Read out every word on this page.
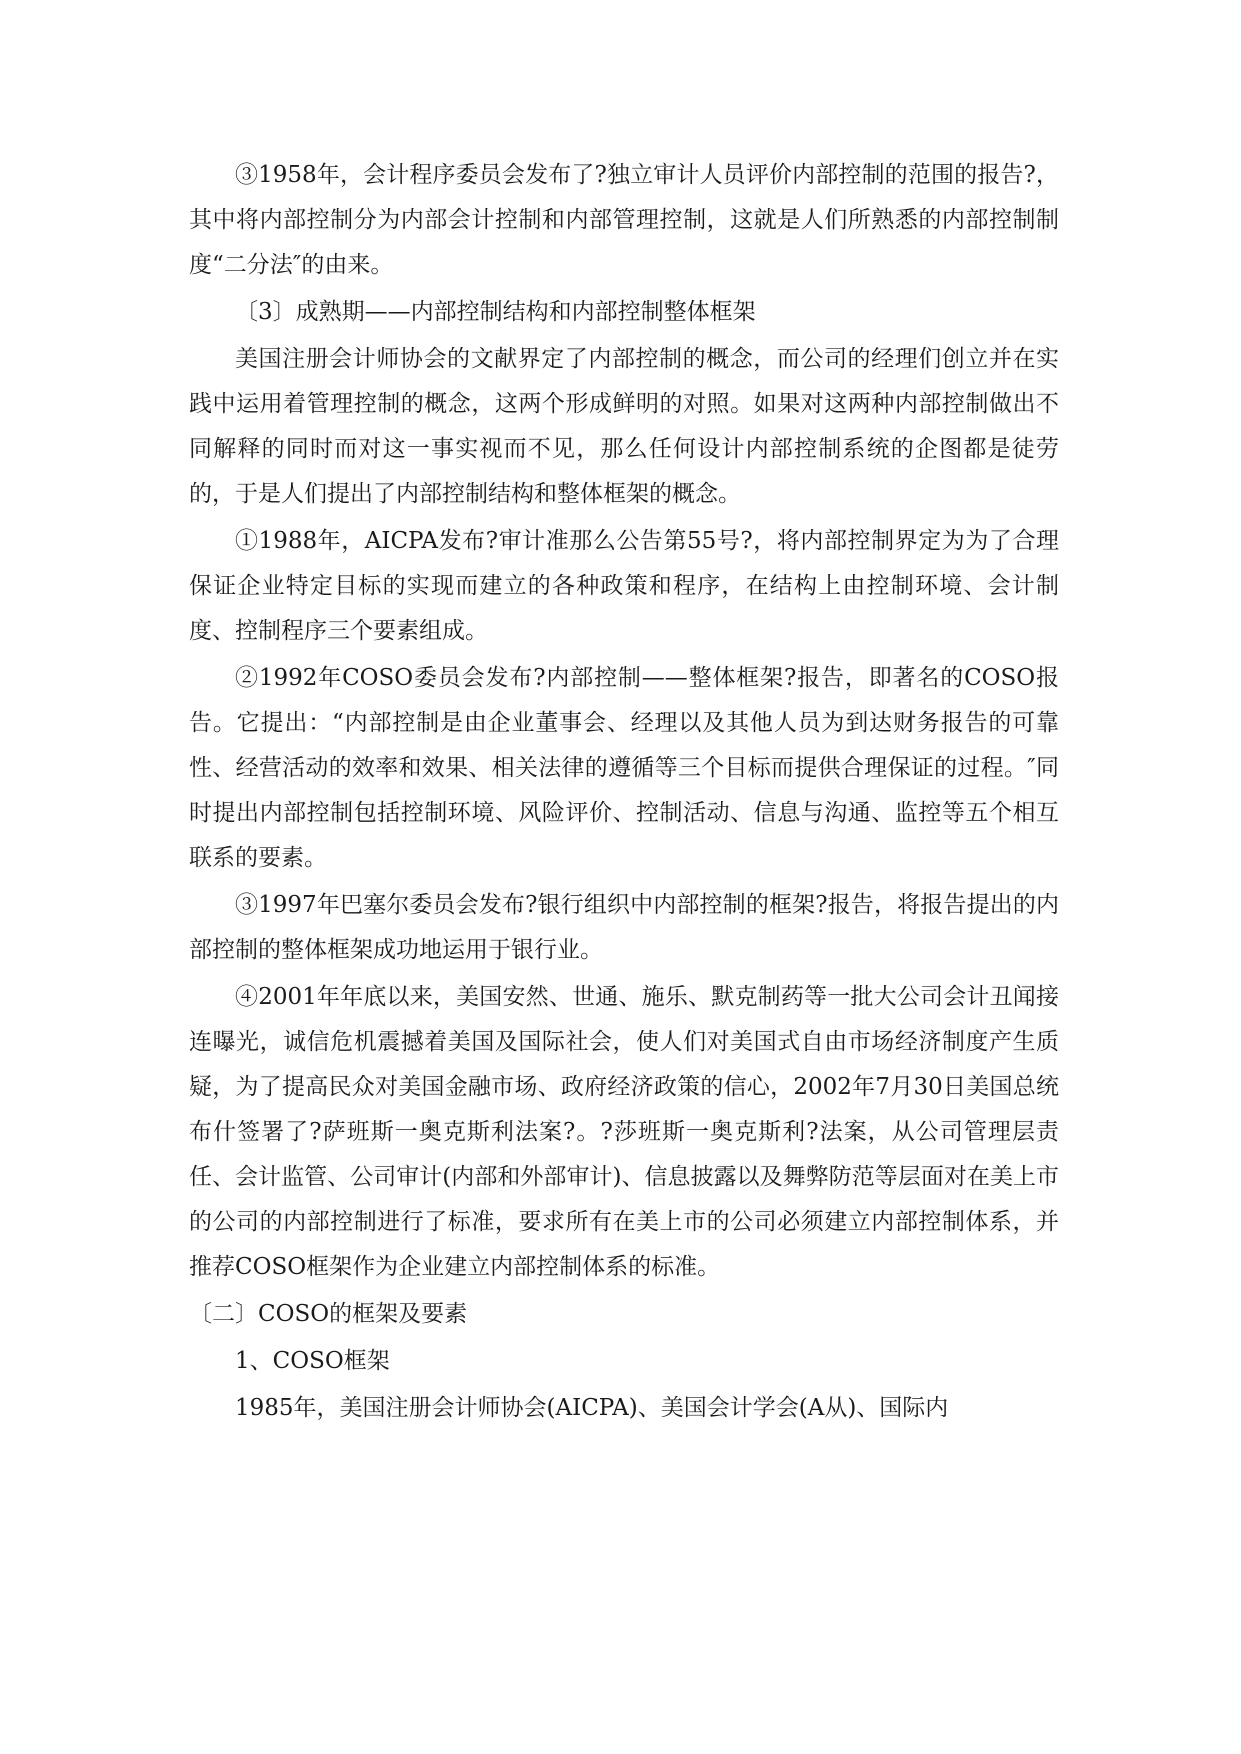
③1958年，会计程序委员会发布了?独立审计人员评价内部控制的范围的报告?，其中将内部控制分为内部会计控制和内部管理控制，这就是人们所熟悉的内部控制制度“二分法″的由来。

〔3〕成熟期——内部控制结构和内部控制整体框架

美国注册会计师协会的文献界定了内部控制的概念，而公司的经理们创立并在实践中运用着管理控制的概念，这两个形成鲜明的对照。如果对这两种内部控制做出不同解释的同时而对这一事实视而不见，那么任何设计内部控制系统的企图都是徒劳的，于是人们提出了内部控制结构和整体框架的概念。

①1988年，AICPA发布?审计准那么公告第55号?，将内部控制界定为为了合理保证企业特定目标的实现而建立的各种政策和程序，在结构上由控制环境、会计制度、控制程序三个要素组成。

②1992年COSO委员会发布?内部控制——整体框架?报告，即著名的COSO报告。它提出：“内部控制是由企业董事会、经理以及其他人员为到达财务报告的可靠性、经营活动的效率和效果、相关法律的遵循等三个目标而提供合理保证的过程。″同时提出内部控制包括控制环境、风险评价、控制活动、信息与沟通、监控等五个相互联系的要素。

③1997年巴塞尔委员会发布?银行组织中内部控制的框架?报告，将报告提出的内部控制的整体框架成功地运用于银行业。

④2001年年底以来，美国安然、世通、施乐、默克制药等一批大公司会计丑闻接连曝光，诚信危机震撼着美国及国际社会，使人们对美国式自由市场经济制度产生质疑，为了提高民众对美国金融市场、政府经济政策的信心，2002年7月30日美国总统布什签署了?萨班斯一奥克斯利法案?。?莎班斯一奥克斯利?法案，从公司管理层责任、会计监管、公司审计(内部和外部审计)、信息披露以及舞弊防范等层面对在美上市的公司的内部控制进行了标准，要求所有在美上市的公司必须建立内部控制体系，并推荐COSO框架作为企业建立内部控制体系的标准。

〔二〕COSO的框架及要素

1、COSO框架

1985年，美国注册会计师协会(AICPA)、美国会计学会(A从)、国际内
